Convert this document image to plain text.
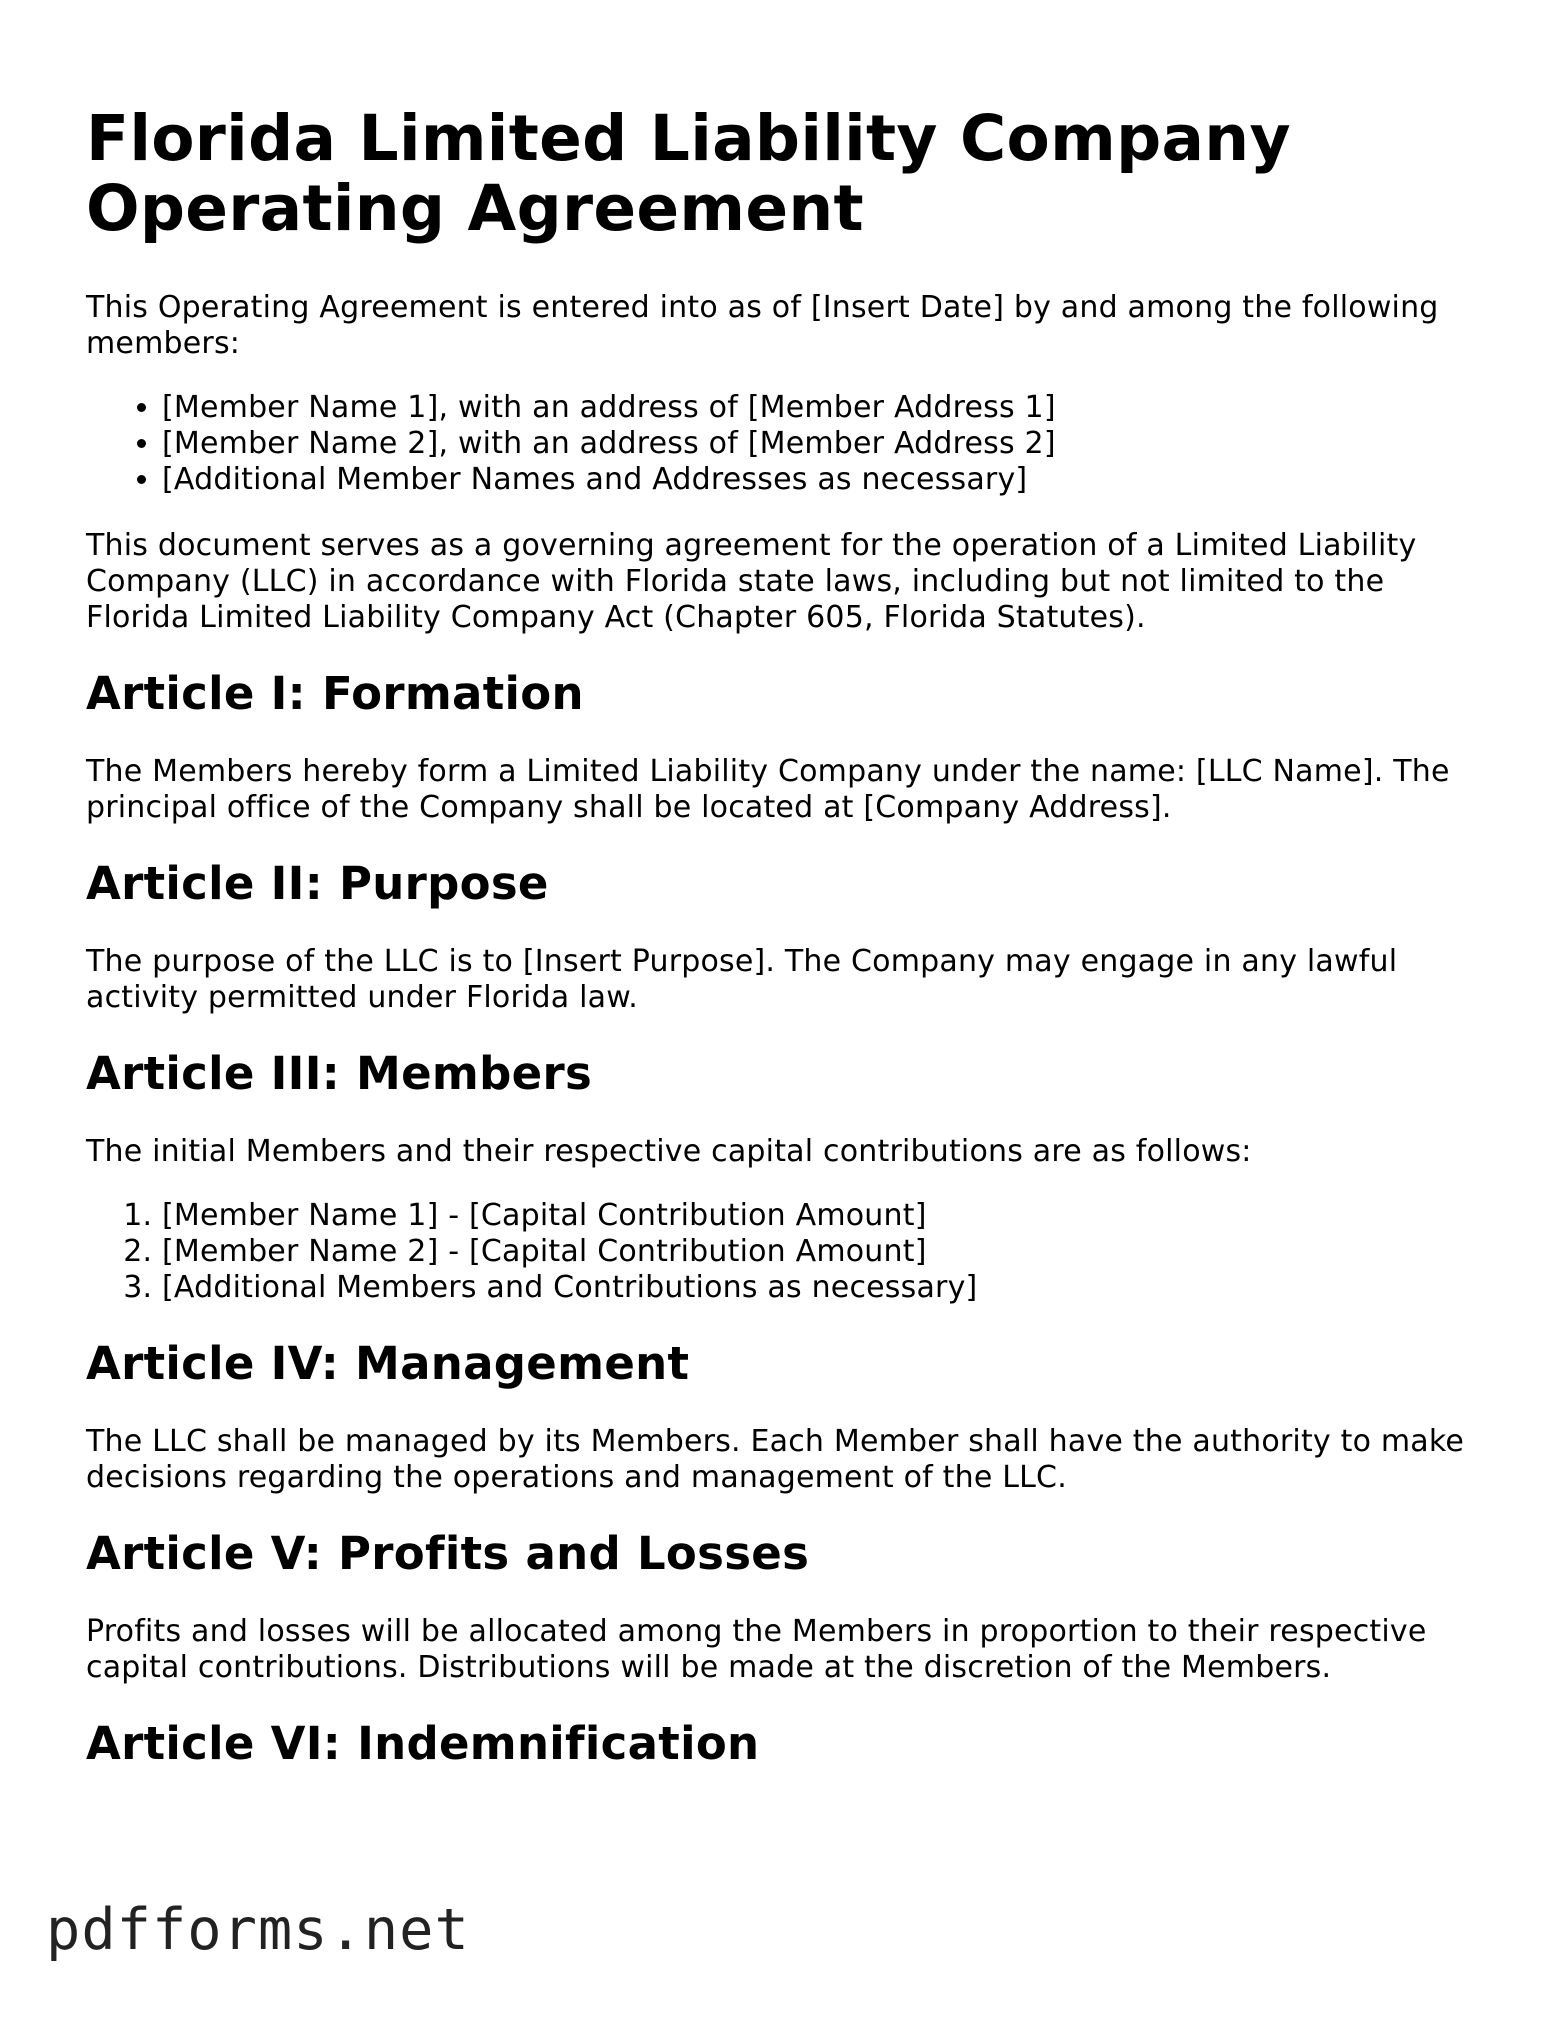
Florida Limited Liability Company Operating Agreement

This Operating Agreement is entered into as of [Insert Date] by and among the following members:

• [Member Name 1], with an address of [Member Address 1]
• [Member Name 2], with an address of [Member Address 2]
• [Additional Member Names and Addresses as necessary]

This document serves as a governing agreement for the operation of a Limited Liability Company (LLC) in accordance with Florida state laws, including but not limited to the Florida Limited Liability Company Act (Chapter 605, Florida Statutes).

Article I: Formation

The Members hereby form a Limited Liability Company under the name: [LLC Name]. The principal office of the Company shall be located at [Company Address].

Article II: Purpose

The purpose of the LLC is to [Insert Purpose]. The Company may engage in any lawful activity permitted under Florida law.

Article III: Members

The initial Members and their respective capital contributions are as follows:

1. [Member Name 1] - [Capital Contribution Amount]
2. [Member Name 2] - [Capital Contribution Amount]
3. [Additional Members and Contributions as necessary]
Article IV: Management

The LLC shall be managed by its Members. Each Member shall have the authority to make decisions regarding the operations and management of the LLC.

Article V: Profits and Losses

Profits and losses will be allocated among the Members in proportion to their respective capital contributions. Distributions will be made at the discretion of the Members.

Article VI: Indemnification
pdfforms.net
